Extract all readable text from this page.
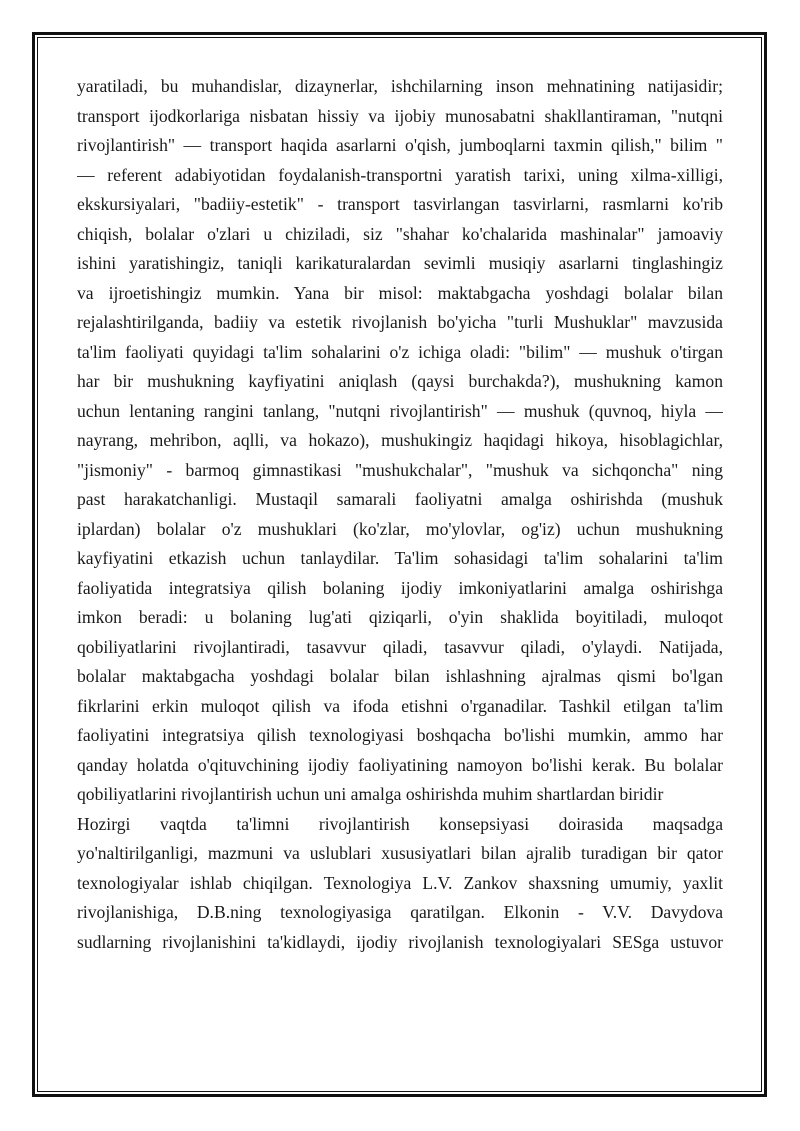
yaratiladi, bu muhandislar, dizaynerlar, ishchilarning inson mehnatining natijasidir;
transport ijodkorlariga nisbatan hissiy va ijobiy munosabatni shakllantiraman, "nutqni
rivojlantirish" — transport haqida asarlarni o'qish, jumboqlarni taxmin qilish," bilim "
— referent adabiyotidan foydalanish-transportni yaratish tarixi, uning xilma-xilligi,
ekskursiyalari, "badiiy-estetik" - transport tasvirlangan tasvirlarni, rasmlarni ko'rib
chiqish, bolalar o'zlari u chiziladi, siz "shahar ko'chalarida mashinalar" jamoaviy
ishini yaratishingiz, taniqli karikaturalardan sevimli musiqiy asarlarni tinglashingiz
va ijroetishingiz mumkin. Yana bir misol: maktabgacha yoshdagi bolalar bilan
rejalashtirilganda, badiiy va estetik rivojlanish bo'yicha "turli Mushuklar" mavzusida
ta'lim faoliyati quyidagi ta'lim sohalarini o'z ichiga oladi: "bilim" — mushuk o'tirgan
har bir mushukning kayfiyatini aniqlash (qaysi burchakda?), mushukning kamon
uchun lentaning rangini tanlang, "nutqni rivojlantirish" — mushuk (quvnoq, hiyla —
nayrang, mehribon, aqlli, va hokazo), mushukingiz haqidagi hikoya, hisoblagichlar,
"jismoniy" - barmoq gimnastikasi "mushukchalar", "mushuk va sichqoncha" ning
past harakatchanligi. Mustaqil samarali faoliyatni amalga oshirishda (mushuk
iplardan) bolalar o'z mushuklari (ko'zlar, mo'ylovlar, og'iz) uchun mushukning
kayfiyatini etkazish uchun tanlaydilar. Ta'lim sohasidagi ta'lim sohalarini ta'lim
faoliyatida integratsiya qilish bolaning ijodiy imkoniyatlarini amalga oshirishga
imkon beradi: u bolaning lug'ati qiziqarli, o'yin shaklida boyitiladi, muloqot
qobiliyatlarini rivojlantiradi, tasavvur qiladi, tasavvur qiladi, o'ylaydi. Natijada,
bolalar maktabgacha yoshdagi bolalar bilan ishlashning ajralmas qismi bo'lgan
fikrlarini erkin muloqot qilish va ifoda etishni o'rganadilar. Tashkil etilgan ta'lim
faoliyatini integratsiya qilish texnologiyasi boshqacha bo'lishi mumkin, ammo har
qanday holatda o'qituvchining ijodiy faoliyatining namoyon bo'lishi kerak. Bu bolalar
qobiliyatlarini rivojlantirish uchun uni amalga oshirishda muhim shartlardan biridir

Hozirgi vaqtda ta'limni rivojlantirish konsepsiyasi doirasida maqsadga
yo'naltirilganligi, mazmuni va uslublari xususiyatlari bilan ajralib turadigan bir qator
texnologiyalar ishlab chiqilgan. Texnologiya L.V. Zankov shaxsning umumiy, yaxlit
rivojlanishiga, D.B.ning texnologiyasiga qaratilgan. Elkonin - V.V. Davydova
sudlarning rivojlanishini ta'kidlaydi, ijodiy rivojlanish texnologiyalari SESga ustuvor
